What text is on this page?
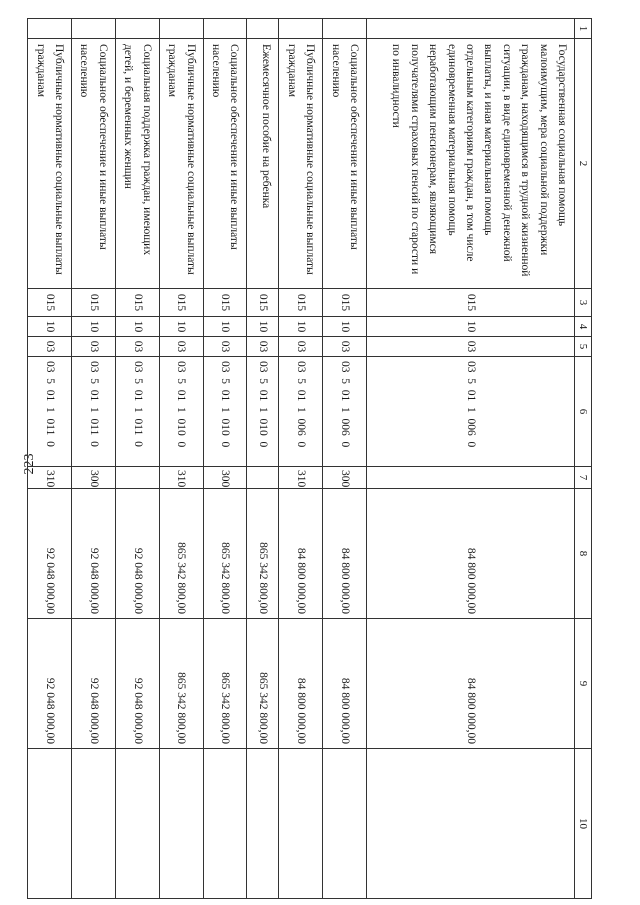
223
1	2	3	4	5	6	7	8	9	10
	Государственная социальная помощь малоимущим, мера социальной поддержки гражданам, находящимся в трудной жизненной ситуации, в виде единовременной денежной выплаты, и иная материальная помощь отдельным категориям граждан, в том числе единовременная материальная помощь неработающим пенсионерам, являющимся получателями страховых пенсий по старости и по инвалидности	015	10	03	03  5  01  1  006  0		84 800 000,00	84 800 000,00	
	Социальное обеспечение и иные выплаты населению	015	10	03	03  5  01  1  006  0	300	84 800 000,00	84 800 000,00	
	Публичные нормативные социальные выплаты гражданам	015	10	03	03  5  01  1  006  0	310	84 800 000,00	84 800 000,00	
	Ежемесячное пособие на ребенка	015	10	03	03  5  01  1  010  0		865 342 800,00	865 342 800,00	
	Социальное обеспечение и иные выплаты населению	015	10	03	03  5  01  1  010  0	300	865 342 800,00	865 342 800,00	
	Публичные нормативные социальные выплаты гражданам	015	10	03	03  5  01  1  010  0	310	865 342 800,00	865 342 800,00	
	Социальная поддержка граждан, имеющих детей, и беременных женщин	015	10	03	03  5  01  1  011  0		92 048 000,00	92 048 000,00	
	Социальное обеспечение и иные выплаты населению	015	10	03	03  5  01  1  011  0	300	92 048 000,00	92 048 000,00	
	Публичные нормативные социальные выплаты гражданам	015	10	03	03  5  01  1  011  0	310	92 048 000,00	92 048 000,00	
